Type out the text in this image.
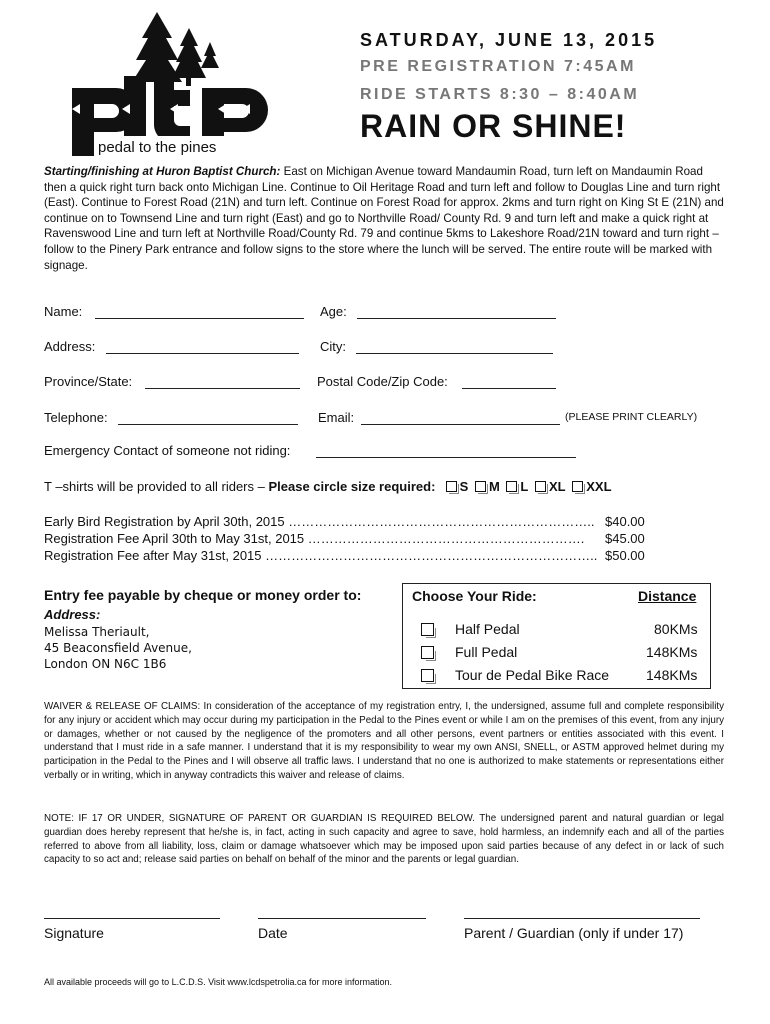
pedal to the pines
SATURDAY, JUNE 13, 2015
PRE REGISTRATION 7:45AM
RIDE STARTS 8:30 – 8:40AM
RAIN OR SHINE!
Starting/finishing at Huron Baptist Church: East on Michigan Avenue toward Mandaumin Road, turn left on Mandaumin Road then a quick right turn back onto Michigan Line. Continue to Oil Heritage Road and turn left and follow to Douglas Line and turn right (East). Continue to Forest Road (21N) and turn left. Continue on Forest Road for approx. 2kms and turn right on King St E (21N) and continue on to Townsend Line and turn right (East) and go to Northville Road/ County Rd. 9 and turn left and make a quick right at Ravenswood Line and turn left at Northville Road/County Rd. 79 and continue 5kms to Lakeshore Road/21N toward and turn right – follow to the Pinery Park entrance and follow signs to the store where the lunch will be served. The entire route will be marked with signage.
Name:	Age:
Address:	City:
Province/State:	Postal Code/Zip Code:
Telephone:	Email:	(PLEASE PRINT CLEARLY)
Emergency Contact of someone not riding:
T –shirts will be provided to all riders – Please circle size required: S M L XL XXL
Early Bird Registration by April 30th, 2015 …………………………………………………………….. $40.00
Registration Fee April 30th to May 31st, 2015 ……………………………………………………….	$45.00
Registration Fee after May 31st, 2015 ………………………………………………………………….. $50.00
Entry fee payable by cheque or money order to:
Address:
Melissa Theriault,
45 Beaconsfield Avenue,
London ON N6C 1B6
Choose Your Ride:	Distance
Half Pedal	80KMs
Full Pedal	148KMs
Tour de Pedal Bike Race	148KMs
WAIVER & RELEASE OF CLAIMS: In consideration of the acceptance of my registration entry, I, the undersigned, assume full and complete responsibility for any injury or accident which may occur during my participation in the Pedal to the Pines event or while I am on the premises of this event, from any injury or damages, whether or not caused by the negligence of the promoters and all other persons, event partners or entities associated with this event. I understand that I must ride in a safe manner. I understand that it is my responsibility to wear my own ANSI, SNELL, or ASTM approved helmet during my participation in the Pedal to the Pines and I will observe all traffic laws. I understand that no one is authorized to make statements or representations either verbally or in writing, which in anyway contradicts this waiver and release of claims.
NOTE: IF 17 OR UNDER, SIGNATURE OF PARENT OR GUARDIAN IS REQUIRED BELOW. The undersigned parent and natural guardian or legal guardian does hereby represent that he/she is, in fact, acting in such capacity and agree to save, hold harmless, an indemnify each and all of the parties referred to above from all liability, loss, claim or damage whatsoever which may be imposed upon said parties because of any defect in or lack of such capacity to so act and; release said parties on behalf on behalf of the minor and the parents or legal guardian.
Signature	Date	Parent / Guardian (only if under 17)
All available proceeds will go to L.C.D.S. Visit www.lcdspetrolia.ca for more information.
